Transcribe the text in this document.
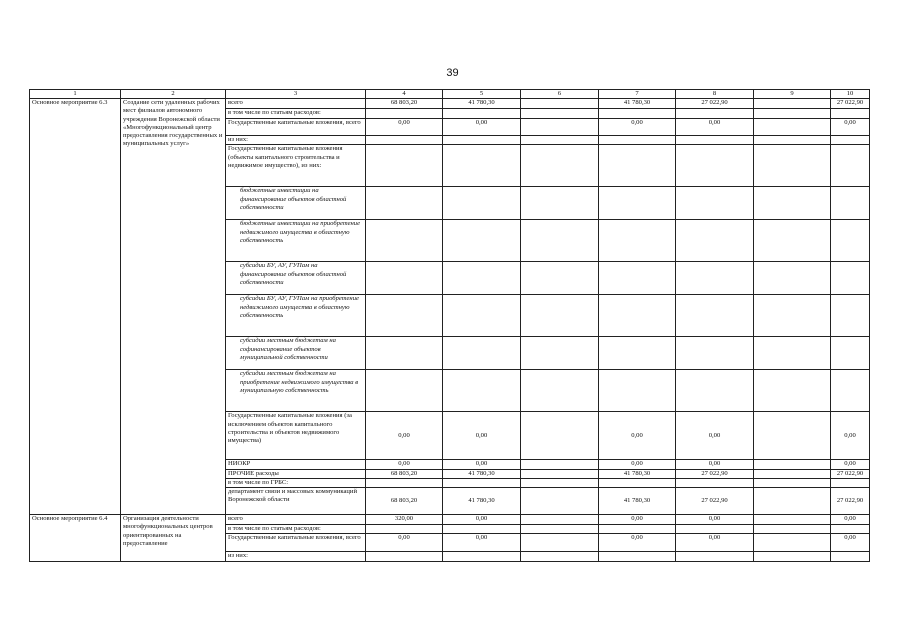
39
1	2	3	4	5	6	7	8	9	10
Основное мероприятие 6.3	Создание сети удаленных рабочих мест филиалов автономного учреждения Воронежской области «Многофункциональный центр предоставления государственных и муниципальных услуг»	всего	68 803,20	41 780,30		41 780,30	27 022,90		27 022,90
		в том числе по статьям расходов:							
		Государственные капитальные вложения, всего	0,00	0,00		0,00	0,00		0,00
		из них:							
		Государственные капитальные вложения (объекты капитального строительства и недвижимое имущество), из них:							
		бюджетные инвестиции на финансирование объектов областной собственности							
		бюджетные инвестиции на приобретение недвижимого имущества в областную собственность							
		субсидии БУ, АУ, ГУПам на финансирование объектов областной собственности							
		субсидии БУ, АУ, ГУПам на приобретение недвижимого имущества в областную собственность							
		субсидии местным бюджетам на софинансирование объектов муниципальной собственности							
		субсидии местным бюджетам на приобретение недвижимого имущества в муниципальную собственность							
		Государственные капитальные вложения (за исключением объектов капитального строительства и объектов недвижимого имущества)	0,00	0,00		0,00	0,00		0,00
		НИОКР	0,00	0,00		0,00	0,00		0,00
		ПРОЧИЕ расходы	68 803,20	41 780,30		41 780,30	27 022,90		27 022,90
		в том числе по ГРБС:							
		департамент связи и массовых коммуникаций Воронежской области	68 803,20	41 780,30		41 780,30	27 022,90		27 022,90
Основное мероприятие 6.4	Организация деятельности многофункциональных центров ориентированных на предоставление	всего	320,00	0,00		0,00	0,00		0,00
		в том числе по статьям расходов:							
		Государственные капитальные вложения, всего	0,00	0,00		0,00	0,00		0,00
		из них:							
